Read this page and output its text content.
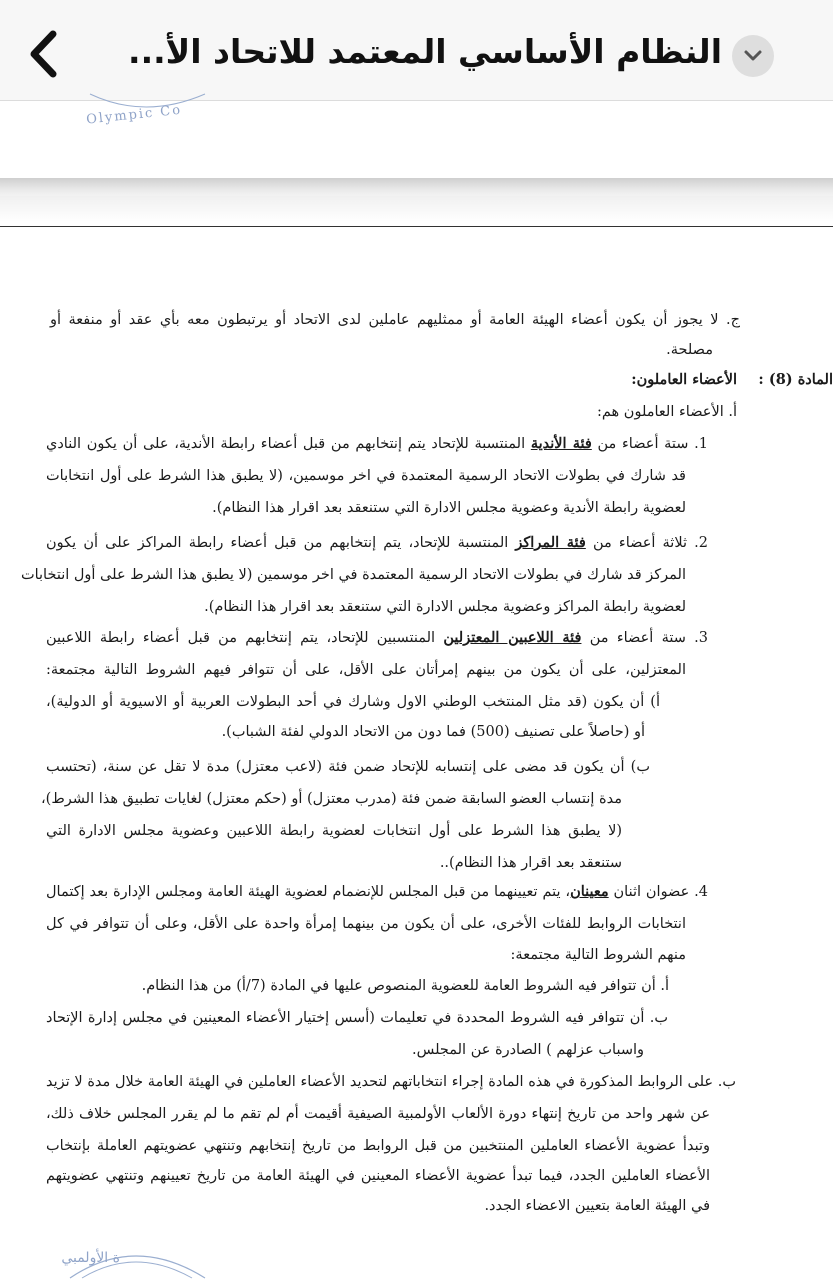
النظام الأساسي المعتمد للاتحاد الأ...
Olympic Co
ج. لا يجوز أن يكون أعضاء الهيئة العامة أو ممثليهم عاملين لدى الاتحاد أو يرتبطون معه بأي عقد أو منفعة أو
مصلحة.
المادة (8) :
الأعضاء العاملون:
أ. الأعضاء العاملون هم:
1. ستة أعضاء من فئة الأندية المنتسبة للإتحاد يتم إنتخابهم من قبل أعضاء رابطة الأندية، على أن يكون النادي
قد شارك في بطولات الاتحاد الرسمية المعتمدة في اخر موسمين، (لا يطبق هذا الشرط على أول انتخابات
لعضوية رابطة الأندية وعضوية مجلس الادارة التي ستنعقد بعد اقرار هذا النظام).
2. ثلاثة أعضاء من فئة المراكز المنتسبة للإتحاد، يتم إنتخابهم من قبل أعضاء رابطة المراكز على أن يكون
المركز قد شارك في بطولات الاتحاد الرسمية المعتمدة في اخر موسمين (لا يطبق هذا الشرط على أول انتخابات
لعضوية رابطة المراكز وعضوية مجلس الادارة التي ستنعقد بعد اقرار هذا النظام).
3. ستة أعضاء من فئة اللاعبين المعتزلين المنتسبين للإتحاد، يتم إنتخابهم من قبل أعضاء رابطة اللاعبين
المعتزلين، على أن يكون من بينهم إمرأتان على الأقل، على أن تتوافر فيهم الشروط التالية مجتمعة:
أ) أن يكون (قد مثل المنتخب الوطني الاول وشارك في أحد البطولات العربية أو الاسيوية أو الدولية)،
أو (حاصلاً على تصنيف (500) فما دون من الاتحاد الدولي لفئة الشباب).
ب) أن يكون قد مضى على إنتسابه للإتحاد ضمن فئة (لاعب معتزل) مدة لا تقل عن سنة، (تحتسب
مدة إنتساب العضو السابقة ضمن فئة (مدرب معتزل) أو (حكم معتزل) لغايات تطبيق هذا الشرط)،
(لا يطبق هذا الشرط على أول انتخابات لعضوية رابطة اللاعبين وعضوية مجلس الادارة التي
ستنعقد بعد اقرار هذا النظام)..
4. عضوان اثنان معينان، يتم تعيينهما من قبل المجلس للإنضمام لعضوية الهيئة العامة ومجلس الإدارة بعد إكتمال
انتخابات الروابط للفئات الأخرى، على أن يكون من بينهما إمرأة واحدة على الأقل، وعلى أن تتوافر في كل
منهم الشروط التالية مجتمعة:
أ. أن تتوافر فيه الشروط العامة للعضوية المنصوص عليها في المادة (7/أ) من هذا النظام.
ب. أن تتوافر فيه الشروط المحددة في تعليمات (أسس إختيار الأعضاء المعينين في مجلس إدارة الإتحاد
واسباب عزلهم ) الصادرة عن المجلس.
ب. على الروابط المذكورة في هذه المادة إجراء انتخاباتهم لتحديد الأعضاء العاملين في الهيئة العامة خلال مدة لا تزيد
عن شهر واحد من تاريخ إنتهاء دورة الألعاب الأولمبية الصيفية أقيمت أم لم تقم ما لم يقرر المجلس خلاف ذلك،
وتبدأ عضوية الأعضاء العاملين المنتخبين من قبل الروابط من تاريخ إنتخابهم وتنتهي عضويتهم العاملة بإنتخاب
الأعضاء العاملين الجدد، فيما تبدأ عضوية الأعضاء المعينين في الهيئة العامة من تاريخ تعيينهم وتنتهي عضويتهم
في الهيئة العامة بتعيين الاعضاء الجدد.
ة الأولمبي
